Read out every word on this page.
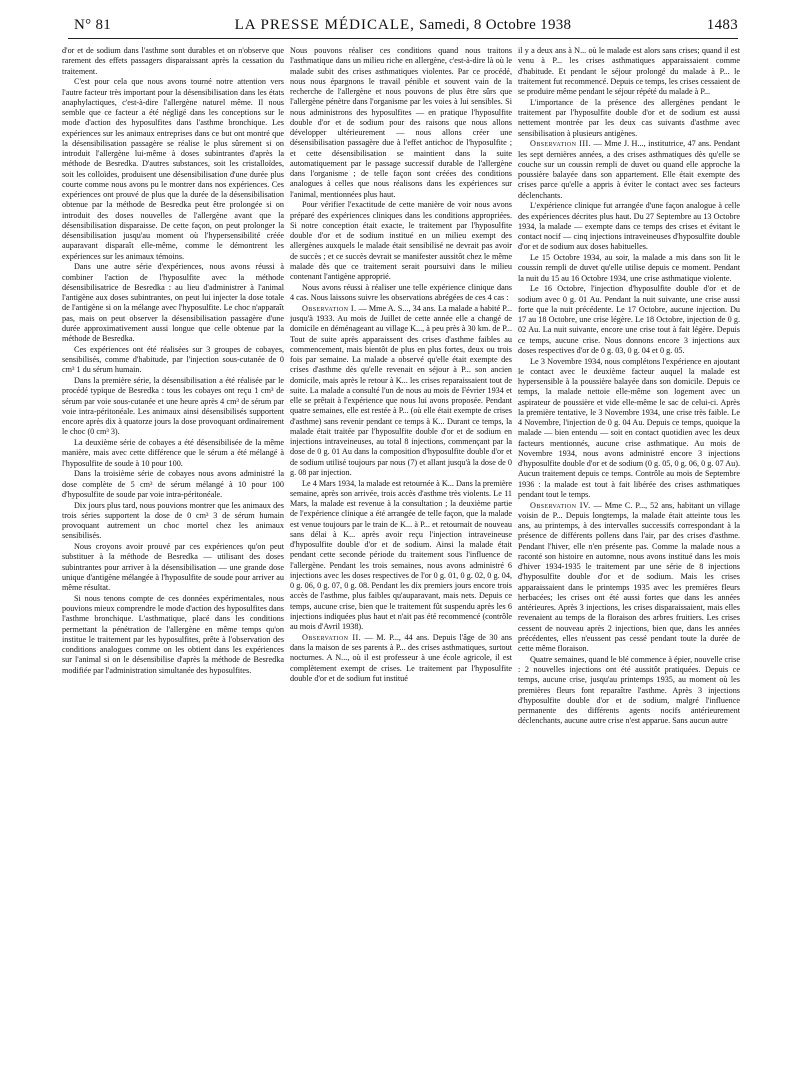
N° 81	LA PRESSE MÉDICALE, Samedi, 8 Octobre 1938	1483

d'or et de sodium dans l'asthme sont durables et on n'observe que rarement des effets passagers disparaissant après la cessation du traitement.

C'est pour cela que nous avons tourné notre attention vers l'autre facteur très important pour la désensibilisation dans les états anaphylactiques, c'est-à-dire l'allergène naturel même. Il nous semble que ce facteur a été négligé dans les conceptions sur le mode d'action des hyposulfites dans l'asthme bronchique. Les expériences sur les animaux entreprises dans ce but ont montré que la désensibilisation passagère se réalise le plus sûrement si on introduit l'allergène lui-même à doses subintrantes d'après la méthode de Besredka. D'autres substances, soit les cristalloïdes, soit les colloïdes, produisent une désensibilisation d'une durée plus courte comme nous avons pu le montrer dans nos expériences. Ces expériences ont prouvé de plus que la durée de la désensibilisation obtenue par la méthode de Besredka peut être prolongée si on introduit des doses nouvelles de l'allergène avant que la désensibilisation disparaisse. De cette façon, on peut prolonger la désensibilisation jusqu'au moment où l'hypersensibilité créée auparavant disparaît elle-même, comme le démontrent les expériences sur les animaux témoins.

Dans une autre série d'expériences, nous avons réussi à combiner l'action de l'hyposulfite avec la méthode désensibilisatrice de Besredka : au lieu d'administrer à l'animal l'antigène aux doses subintrantes, on peut lui injecter la dose totale de l'antigène si on la mélange avec l'hyposulfite. Le choc n'apparaît pas, mais on peut observer la désensibilisation passagère d'une durée approximativement aussi longue que celle obtenue par la méthode de Besredka.

Ces expériences ont été réalisées sur 3 groupes de cobayes, sensibilisés, comme d'habitude, par l'injection sous-cutanée de 0 cm³ 1 du sérum humain.

Dans la première série, la désensibilisation a été réalisée par le procédé typique de Besredka : tous les cobayes ont reçu 1 cm³ de sérum par voie sous-cutanée et une heure après 4 cm³ de sérum par voie intra-péritonéale. Les animaux ainsi désensibilisés supportent encore après dix à quatorze jours la dose provoquant ordinairement le choc (0 cm³ 3).

La deuxième série de cobayes a été désensibilisée de la même manière, mais avec cette différence que le sérum a été mélangé à l'hyposulfite de soude à 10 pour 100.

Dans la troisième série de cobayes nous avons administré la dose complète de 5 cm³ de sérum mélangé à 10 pour 100 d'hyposulfite de soude par voie intra-péritonéale.

Dix jours plus tard, nous pouvions montrer que les animaux des trois séries supportent la dose de 0 cm³ 3 de sérum humain provoquant autrement un choc mortel chez les animaux sensibilisés.

Nous croyons avoir prouvé par ces expériences qu'on peut substituer à la méthode de Besredka — utilisant des doses subintrantes pour arriver à la désensibilisation — une grande dose unique d'antigène mélangée à l'hyposulfite de soude pour arriver au même résultat.

Si nous tenons compte de ces données expérimentales, nous pouvions mieux comprendre le mode d'action des hyposulfites dans l'asthme bronchique. L'asthmatique, placé dans les conditions permettant la pénétration de l'allergène en même temps qu'on institue le traitement par les hyposulfites, prête à l'observation des conditions analogues comme on les obtient dans les expériences sur l'animal si on le désensibilise d'après la méthode de Besredka modifiée par l'administration simultanée des hyposulfites.

Nous pouvons réaliser ces conditions quand nous traitons l'asthmatique dans un milieu riche en allergène, c'est-à-dire là où le malade subit des crises asthmatiques violentes. Par ce procédé, nous nous épargnons le travail pénible et souvent vain de la recherche de l'allergène et nous pouvons de plus être sûrs que l'allergène pénètre dans l'organisme par les voies à lui sensibles. Si nous administrons des hyposulfites — en pratique l'hyposulfite double d'or et de sodium pour des raisons que nous allons développer ultérieurement — nous allons créer une désensibilisation passagère due à l'effet antichoc de l'hyposulfite ; et cette désensibilisation se maintient dans la suite automatiquement par le passage successif durable de l'allergène dans l'organisme ; de telle façon sont créées des conditions analogues à celles que nous réalisons dans les expériences sur l'animal, mentionnées plus haut.

Pour vérifier l'exactitude de cette manière de voir nous avons préparé des expériences cliniques dans les conditions appropriées. Si notre conception était exacte, le traitement par l'hyposulfite double d'or et de sodium institué en un milieu exempt des allergènes auxquels le malade était sensibilisé ne devrait pas avoir de succès ; et ce succès devrait se manifester aussitôt chez le même malade dès que ce traitement serait poursuivi dans le milieu contenant l'antigène approprié.

Nous avons réussi à réaliser une telle expérience clinique dans 4 cas. Nous laissons suivre les observations abrégées de ces 4 cas :

Observation I. — Mme A. S..., 34 ans. La malade a habité P... jusqu'à 1933. Au mois de Juillet de cette année elle a changé de domicile en déménageant au village K..., à peu près à 30 km. de P... Tout de suite après apparaissent des crises d'asthme faibles au commencement, mais bientôt de plus en plus fortes, deux ou trois fois par semaine. La malade a observé qu'elle était exempte des crises d'asthme dès qu'elle revenait en séjour à P... son ancien domicile, mais après le retour à K... les crises reparaissaient tout de suite. La malade a consulté l'un de nous au mois de Février 1934 et elle se prêtait à l'expérience que nous lui avons proposée. Pendant quatre semaines, elle est restée à P... (où elle était exempte de crises d'asthme) sans revenir pendant ce temps à K... Durant ce temps, la malade était traitée par l'hyposulfite double d'or et de sodium en injections intraveineuses, au total 8 injections, commençant par la dose de 0 g. 01 Au dans la composition d'hyposulfite double d'or et de sodium utilisé toujours par nous (7) et allant jusqu'à la dose de 0 g. 08 par injection.

Le 4 Mars 1934, la malade est retournée à K... Dans la première semaine, après son arrivée, trois accès d'asthme très violents. Le 11 Mars, la malade est revenue à la consultation ; la deuxième partie de l'expérience clinique a été arrangée de telle façon, que la malade est venue toujours par le train de K... à P... et retournait de nouveau sans délai à K... après avoir reçu l'injection intraveineuse d'hyposulfite double d'or et de sodium. Ainsi la malade était pendant cette seconde période du traitement sous l'influence de l'allergène. Pendant les trois semaines, nous avons administré 6 injections avec les doses respectives de l'or 0 g. 01, 0 g. 02, 0 g. 04, 0 g. 06, 0 g. 07, 0 g. 08. Pendant les dix premiers jours encore trois accès de l'asthme, plus faibles qu'auparavant, mais nets. Depuis ce temps, aucune crise, bien que le traitement fût suspendu après les 6 injections indiquées plus haut et n'ait pas été recommencé (contrôle au mois d'Avril 1938).

Observation II. — M. P..., 44 ans. Depuis l'âge de 30 ans dans la maison de ses parents à P... des crises asthmatiques, surtout nocturnes. A N..., où il est professeur à une école agricole, il est complètement exempt de crises. Le traitement par l'hyposulfite double d'or et de sodium fut institué

il y a deux ans à N... où le malade est alors sans crises; quand il est venu à P... les crises asthmatiques apparaissaient comme d'habitude. Et pendant le séjour prolongé du malade à P... le traitement fut recommencé. Depuis ce temps, les crises cessaient de se produire même pendant le séjour répété du malade à P...

L'importance de la présence des allergènes pendant le traitement par l'hyposulfite double d'or et de sodium est aussi nettement montrée par les deux cas suivants d'asthme avec sensibilisation à plusieurs antigènes.

Observation III. — Mme J. H..., institutrice, 47 ans. Pendant les sept dernières années, a des crises asthmatiques dès qu'elle se couche sur un coussin rempli de duvet ou quand elle approche la poussière balayée dans son appartement. Elle était exempte des crises parce qu'elle a appris à éviter le contact avec ses facteurs déclenchants.

L'expérience clinique fut arrangée d'une façon analogue à celle des expériences décrites plus haut. Du 27 Septembre au 13 Octobre 1934, la malade — exempte dans ce temps des crises et évitant le contact nocif — cinq injections intraveineuses d'hyposulfite double d'or et de sodium aux doses habituelles.

Le 15 Octobre 1934, au soir, la malade a mis dans son lit le coussin rempli de duvet qu'elle utilise depuis ce moment. Pendant la nuit du 15 au 16 Octobre 1934, une crise asthmatique violente.

Le 16 Octobre, l'injection d'hyposulfite double d'or et de sodium avec 0 g. 01 Au. Pendant la nuit suivante, une crise aussi forte que la nuit précédente. Le 17 Octobre, aucune injection. Du 17 au 18 Octobre, une crise légère. Le 18 Octobre, injection de 0 g. 02 Au. La nuit suivante, encore une crise tout à fait légère. Depuis ce temps, aucune crise. Nous donnons encore 3 injections aux doses respectives d'or de 0 g. 03, 0 g. 04 et 0 g. 05.

Le 3 Novembre 1934, nous complétons l'expérience en ajoutant le contact avec le deuxième facteur auquel la malade est hypersensible à la poussière balayée dans son domicile. Depuis ce temps, la malade nettoie elle-même son logement avec un aspirateur de poussière et vide elle-même le sac de celui-ci. Après la première tentative, le 3 Novembre 1934, une crise très faible. Le 4 Novembre, l'injection de 0 g. 04 Au. Depuis ce temps, quoique la malade — bien entendu — soit en contact quotidien avec les deux facteurs mentionnés, aucune crise asthmatique. Au mois de Novembre 1934, nous avons administré encore 3 injections d'hyposulfite double d'or et de sodium (0 g. 05, 0 g. 06, 0 g. 07 Au). Aucun traitement depuis ce temps. Contrôle au mois de Septembre 1936 : la malade est tout à fait libérée des crises asthmatiques pendant tout le temps.

Observation IV. — Mme C. P..., 52 ans, habitant un village voisin de P... Depuis longtemps, la malade était atteinte tous les ans, au printemps, à des intervalles successifs correspondant à la présence de différents pollens dans l'air, par des crises d'asthme. Pendant l'hiver, elle n'en présente pas. Comme la malade nous a raconté son histoire en automne, nous avons institué dans les mois d'hiver 1934-1935 le traitement par une série de 8 injections d'hyposulfite double d'or et de sodium. Mais les crises apparaissaient dans le printemps 1935 avec les premières fleurs herbacées; les crises ont été aussi fortes que dans les années antérieures. Après 3 injections, les crises disparaissaient, mais elles revenaient au temps de la floraison des arbres fruitiers. Les crises cessent de nouveau après 2 injections, bien que, dans les années précédentes, elles n'eussent pas cessé pendant toute la durée de cette même floraison.

Quatre semaines, quand le blé commence à épier, nouvelle crise : 2 nouvelles injections ont été aussitôt pratiquées. Depuis ce temps, aucune crise, jusqu'au printemps 1935, au moment où les premières fleurs font reparaître l'asthme. Après 3 injections d'hyposulfite double d'or et de sodium, malgré l'influence permanente des différents agents nocifs antérieurement déclenchants, aucune autre crise n'est apparue. Sans aucun autre
